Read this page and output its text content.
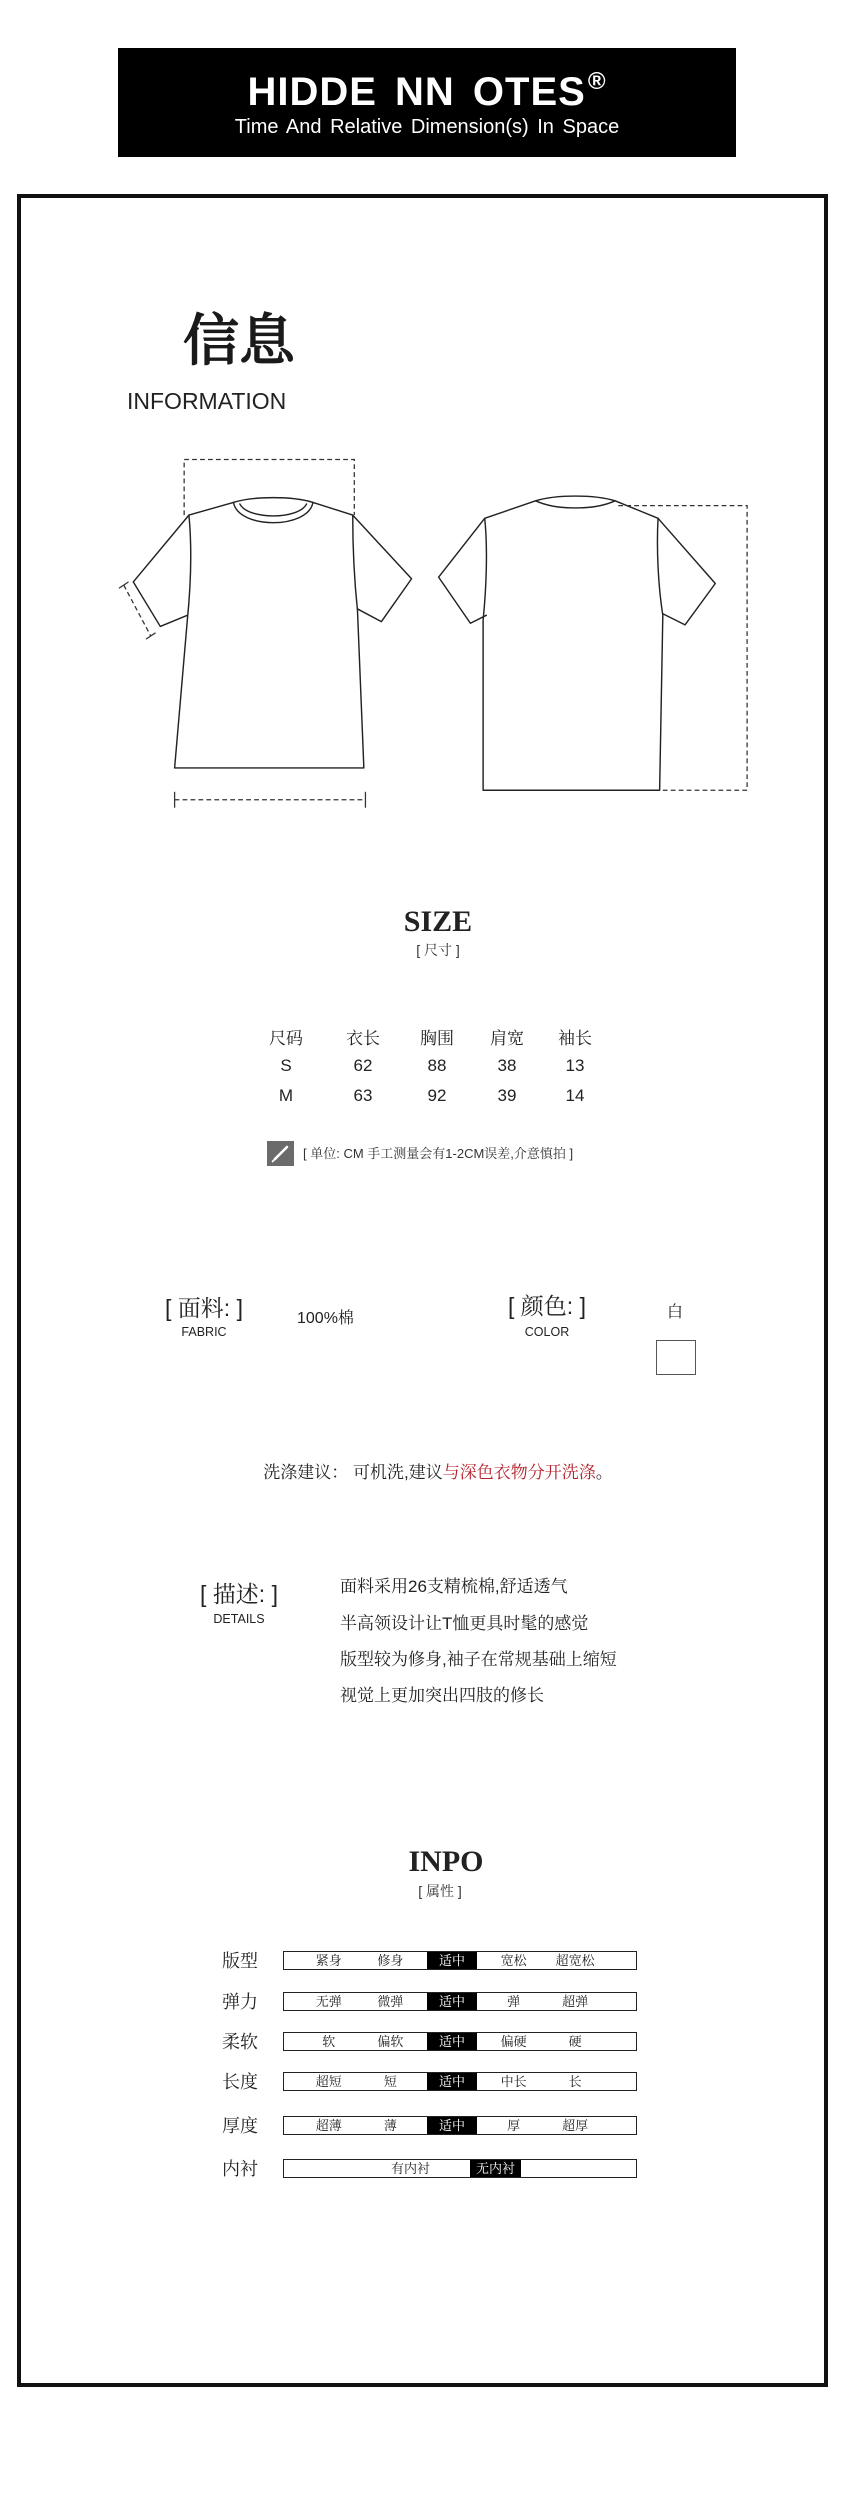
HIDDE NN OTES®
Time And Relative Dimension(s) In Space
信息
INFORMATION
SIZE
[ 尺寸 ]
尺码	衣长	胸围	肩宽	袖长
S	62	88	38	13
M	63	92	39	14
[ 单位: CM 手工测量会有1-2CM误差,介意慎拍 ]
[ 面料: ]
FABRIC
100%棉	[ 颜色: ]
COLOR
白
洗涤建议： 可机洗,建议与深色衣物分开洗涤。
[ 描述: ]
DETAILS
面料采用26支精梳棉,舒适透气
半高领设计让T恤更具时髦的感觉
版型较为修身,袖子在常规基础上缩短
视觉上更加突出四肢的修长
INPO
[ 属性 ]
版型	紧身	修身	适中	宽松	超宽松
弹力	无弹	微弹	适中	弹	超弹
柔软	软	偏软	适中	偏硬	硬
长度	超短	短	适中	中长	长
厚度	超薄	薄	适中	厚	超厚
内衬	有内衬	无内衬
